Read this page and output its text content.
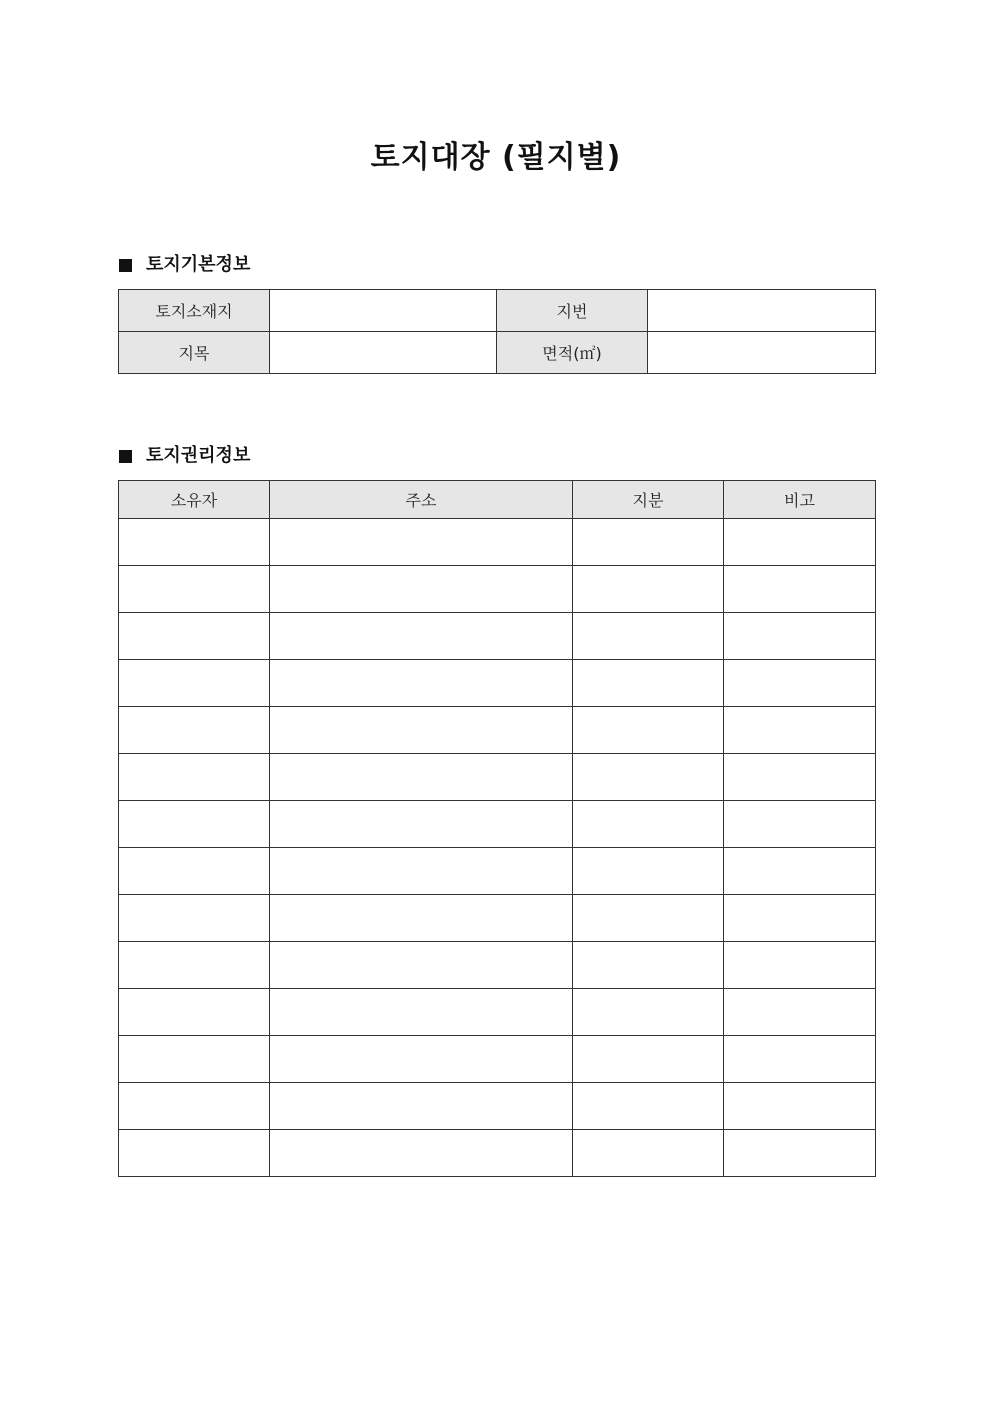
토지대장 (필지별)
토지기본정보
토지소재지		지번	
지목		면적(㎡)	
토지권리정보
소유자	주소	지분	비고
